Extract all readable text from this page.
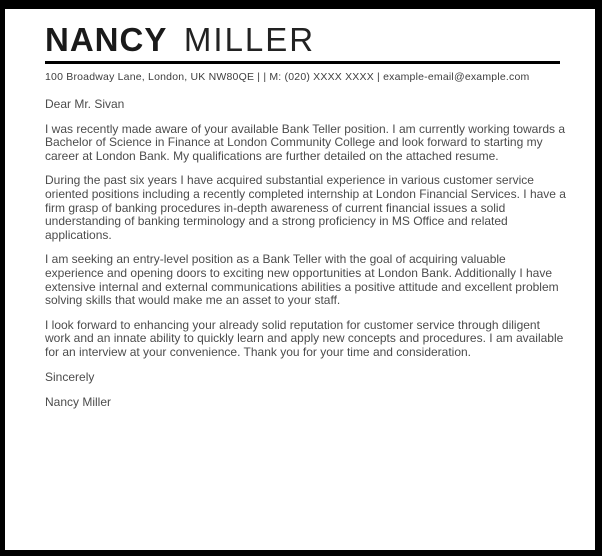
NANCY MILLER
100 Broadway Lane, London, UK NW80QE | | M: (020) XXXX XXXX | example-email@example.com

Dear Mr. Sivan

I was recently made aware of your available Bank Teller position. I am currently working towards a Bachelor of Science in Finance at London Community College and look forward to starting my career at London Bank. My qualifications are further detailed on the attached resume.

During the past six years I have acquired substantial experience in various customer service oriented positions including a recently completed internship at London Financial Services. I have a firm grasp of banking procedures in-depth awareness of current financial issues a solid understanding of banking terminology and a strong proficiency in MS Office and related applications.

I am seeking an entry-level position as a Bank Teller with the goal of acquiring valuable experience and opening doors to exciting new opportunities at London Bank. Additionally I have extensive internal and external communications abilities a positive attitude and excellent problem solving skills that would make me an asset to your staff.

I look forward to enhancing your already solid reputation for customer service through diligent work and an innate ability to quickly learn and apply new concepts and procedures. I am available for an interview at your convenience. Thank you for your time and consideration.

Sincerely

Nancy Miller
